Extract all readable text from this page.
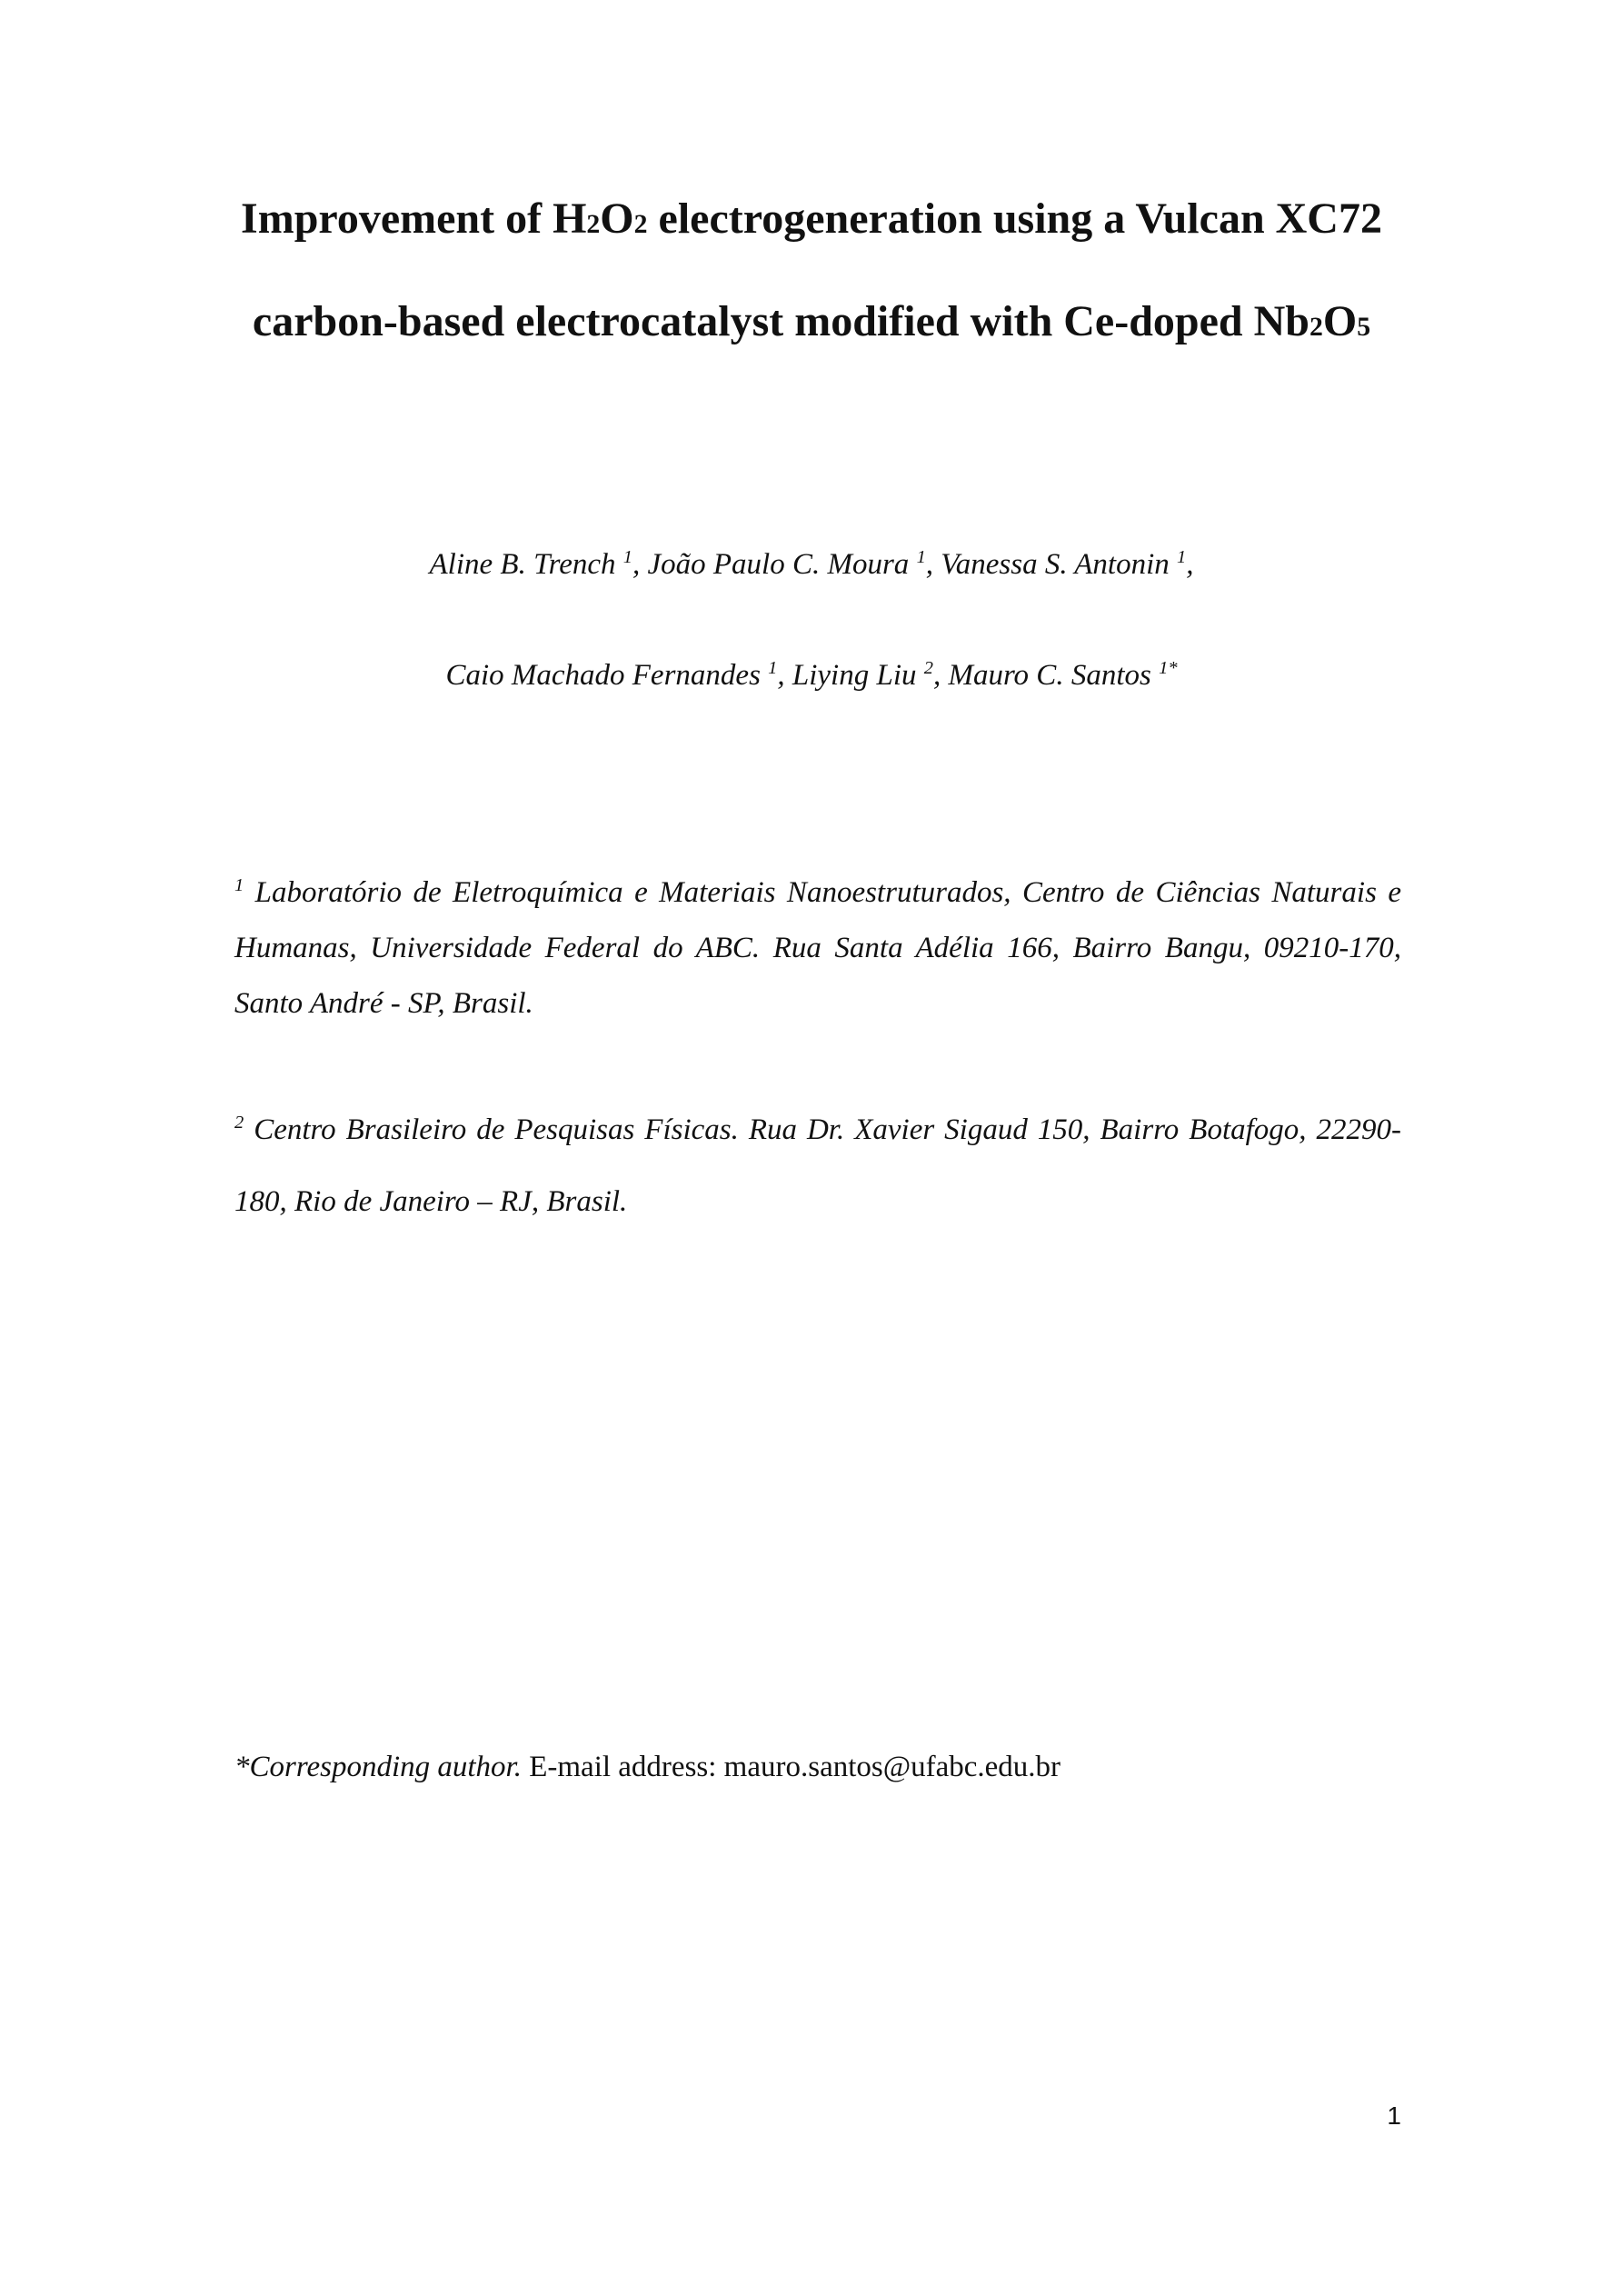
Improvement of H2O2 electrogeneration using a Vulcan XC72
carbon-based electrocatalyst modified with Ce-doped Nb2O5
Aline B. Trench $^1$, João Paulo C. Moura $^1$, Vanessa S. Antonin $^1$,
Caio Machado Fernandes $^1$, Liying Liu $^2$, Mauro C. Santos $^{1*}$
$^1$ Laboratório de Eletroquímica e Materiais Nanoestruturados, Centro de Ciências Naturais e Humanas, Universidade Federal do ABC. Rua Santa Adélia 166, Bairro Bangu, 09210-170, Santo André - SP, Brasil.
$^2$ Centro Brasileiro de Pesquisas Físicas. Rua Dr. Xavier Sigaud 150, Bairro Botafogo, 22290-180, Rio de Janeiro – RJ, Brasil.
*Corresponding author. E-mail address: mauro.santos@ufabc.edu.br
1
